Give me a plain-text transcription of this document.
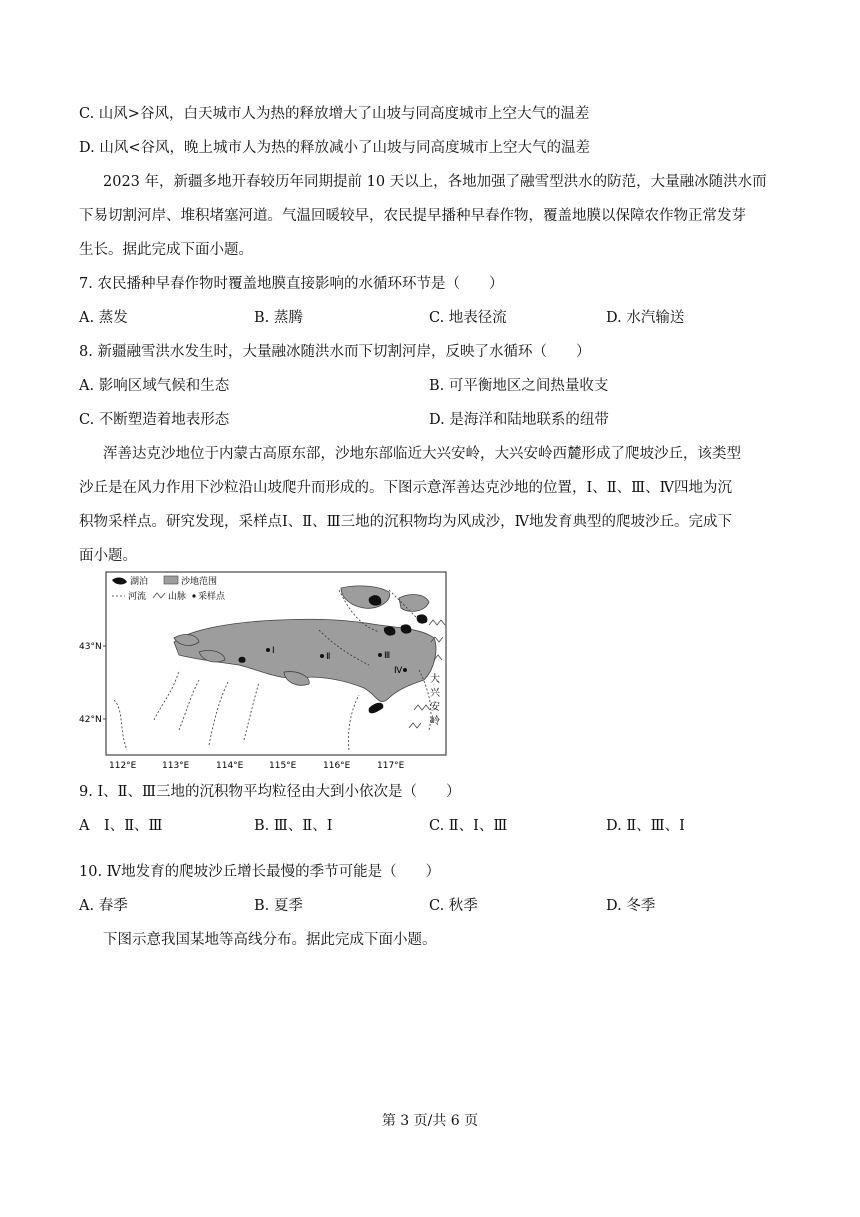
C. 山风>谷风，白天城市人为热的释放增大了山坡与同高度城市上空大气的温差
D. 山风<谷风，晚上城市人为热的释放减小了山坡与同高度城市上空大气的温差
2023 年，新疆多地开春较历年同期提前 10 天以上，各地加强了融雪型洪水的防范，大量融冰随洪水而
下易切割河岸、堆积堵塞河道。气温回暖较早，农民提早播种早春作物，覆盖地膜以保障农作物正常发芽
生长。据此完成下面小题。
7. 农民播种早春作物时覆盖地膜直接影响的水循环环节是（　　）
A. 蒸发	B. 蒸腾	C. 地表径流	D. 水汽输送
8. 新疆融雪洪水发生时，大量融冰随洪水而下切割河岸，反映了水循环（　　）
A. 影响区域气候和生态	B. 可平衡地区之间热量收支
C. 不断塑造着地表形态	D. 是海洋和陆地联系的纽带
浑善达克沙地位于内蒙古高原东部，沙地东部临近大兴安岭，大兴安岭西麓形成了爬坡沙丘，该类型
沙丘是在风力作用下沙粒沿山坡爬升而形成的。下图示意浑善达克沙地的位置，Ⅰ、Ⅱ、Ⅲ、Ⅳ四地为沉
积物采样点。研究发现，采样点Ⅰ、Ⅱ、Ⅲ三地的沉积物均为风成沙，Ⅳ地发育典型的爬坡沙丘。完成下
面小题。
湖泊	沙地范围
河流 山脉 采样点
Ⅰ
Ⅱ	Ⅲ
Ⅳ
大
兴
安
岭
43°N
42°N
112°E	113°E	114°E	115°E	116°E	117°E
9. Ⅰ、Ⅱ、Ⅲ三地的沉积物平均粒径由大到小依次是（　　）
A　Ⅰ、Ⅱ、Ⅲ	B. Ⅲ、Ⅱ、Ⅰ	C. Ⅱ、Ⅰ、Ⅲ	D. Ⅱ、Ⅲ、Ⅰ
10. Ⅳ地发育的爬坡沙丘增长最慢的季节可能是（　　）
A. 春季	B. 夏季	C. 秋季	D. 冬季
下图示意我国某地等高线分布。据此完成下面小题。
第 3 页/共 6 页
